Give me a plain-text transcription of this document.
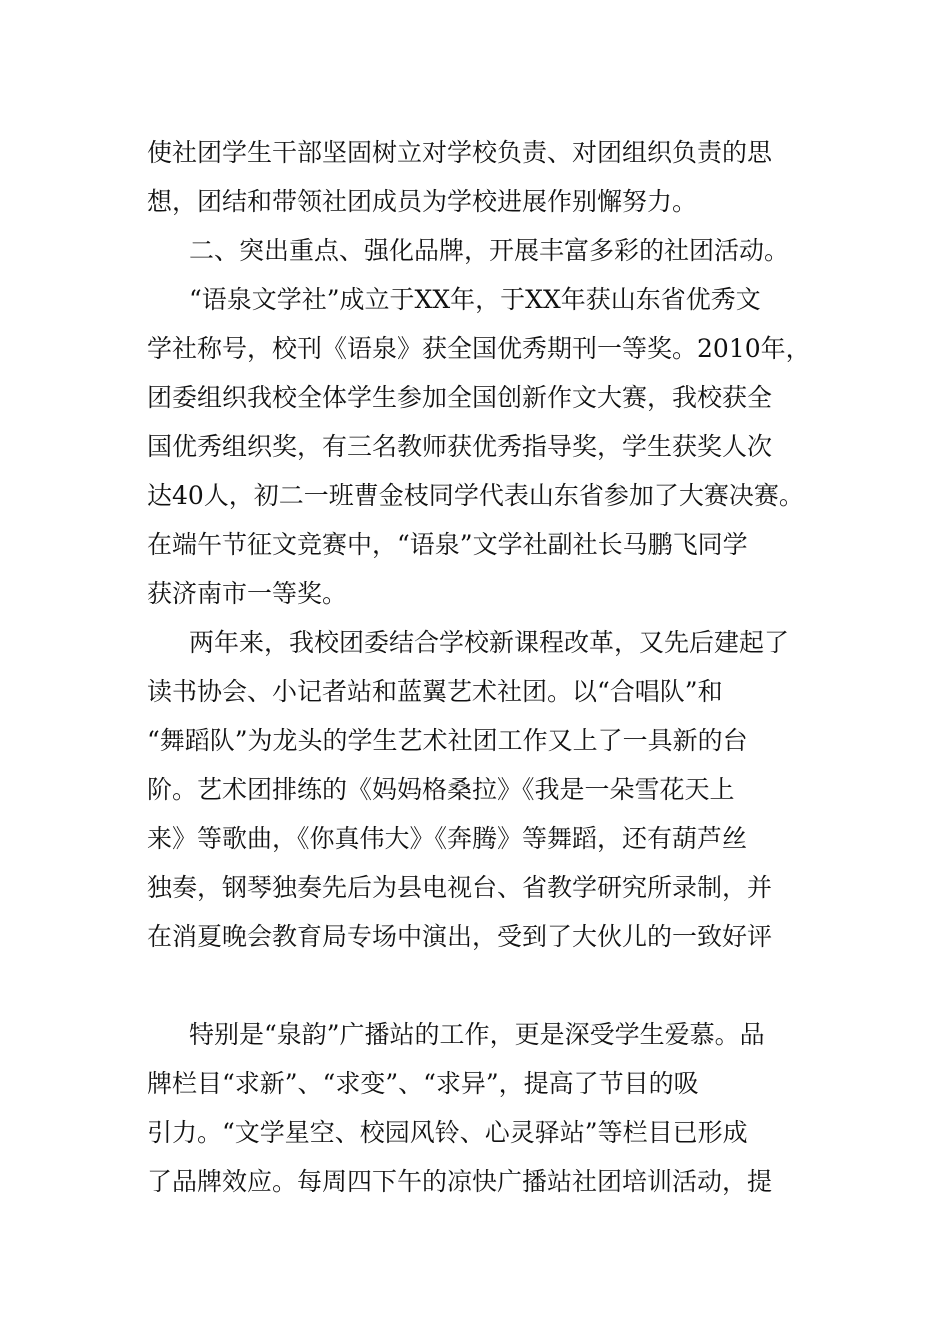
使社团学生干部坚固树立对学校负责、对团组织负责的思

想，团结和带领社团成员为学校进展作别懈努力。

二、突出重点、强化品牌，开展丰富多彩的社团活动。

“语泉文学社”成立于XX年，于XX年获山东省优秀文

学社称号，校刊《语泉》获全国优秀期刊一等奖。2010年，

团委组织我校全体学生参加全国创新作文大赛，我校获全

国优秀组织奖，有三名教师获优秀指导奖，学生获奖人次

达40人，初二一班曹金枝同学代表山东省参加了大赛决赛。

在端午节征文竞赛中，“语泉”文学社副社长马鹏飞同学

获济南市一等奖。

两年来，我校团委结合学校新课程改革，又先后建起了

读书协会、小记者站和蓝翼艺术社团。以“合唱队”和

“舞蹈队”为龙头的学生艺术社团工作又上了一具新的台

阶。艺术团排练的《妈妈格桑拉》《我是一朵雪花天上

来》等歌曲，《你真伟大》《奔腾》等舞蹈，还有葫芦丝

独奏，钢琴独奏先后为县电视台、省教学研究所录制，并

在消夏晚会教育局专场中演出，受到了大伙儿的一致好评

特别是“泉韵”广播站的工作，更是深受学生爱慕。品

牌栏目“求新”、“求变”、“求异”，提高了节目的吸

引力。“文学星空、校园风铃、心灵驿站”等栏目已形成

了品牌效应。每周四下午的凉快广播站社团培训活动，提
